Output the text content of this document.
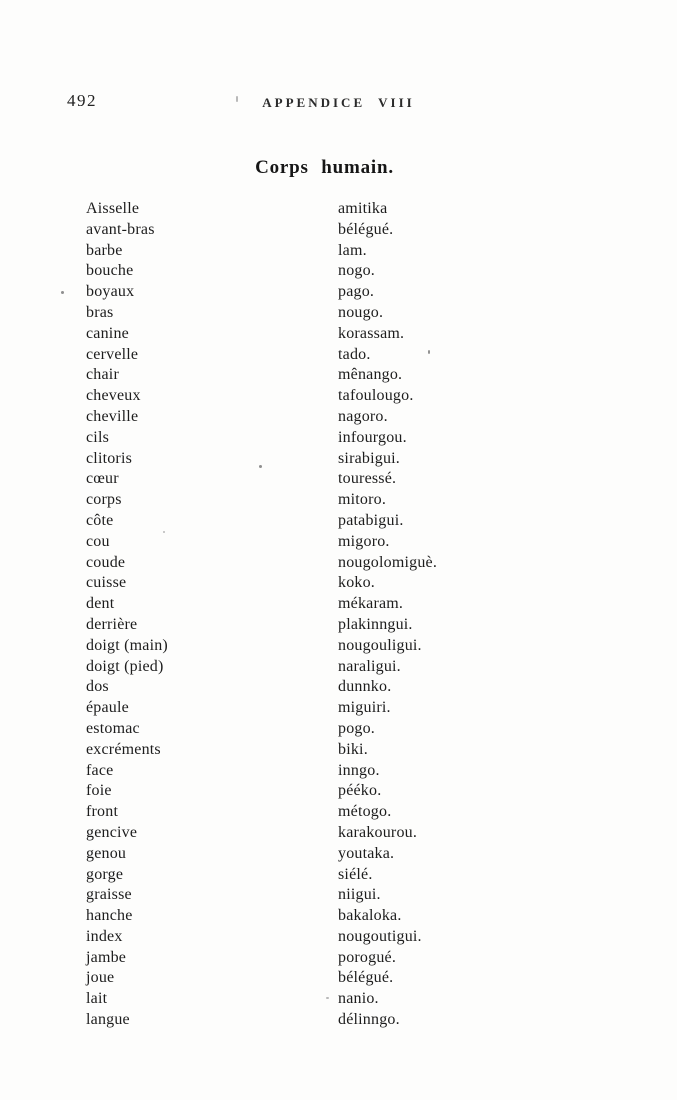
492	APPENDICE VIII
Corps humain.
Aisselle	amitika
avant-bras	bélégué.
barbe	lam.
bouche	nogo.
boyaux	pago.
bras	nougo.
canine	korassam.
cervelle	tado.
chair	mênango.
cheveux	tafoulougo.
cheville	nagoro.
cils	infourgou.
clitoris	sirabigui.
cœur	touressé.
corps	mitoro.
côte	patabigui.
cou	migoro.
coude	nougolomiguè.
cuisse	koko.
dent	mékaram.
derrière	plakinngui.
doigt (main)	nougouligui.
doigt (pied)	naraligui.
dos	dunnko.
épaule	miguiri.
estomac	pogo.
excréments	biki.
face	inngo.
foie	pééko.
front	métogo.
gencive	karakourou.
genou	youtaka.
gorge	siélé.
graisse	niigui.
hanche	bakaloka.
index	nougoutigui.
jambe	porogué.
joue	bélégué.
lait	nanio.
langue	délinngo.
